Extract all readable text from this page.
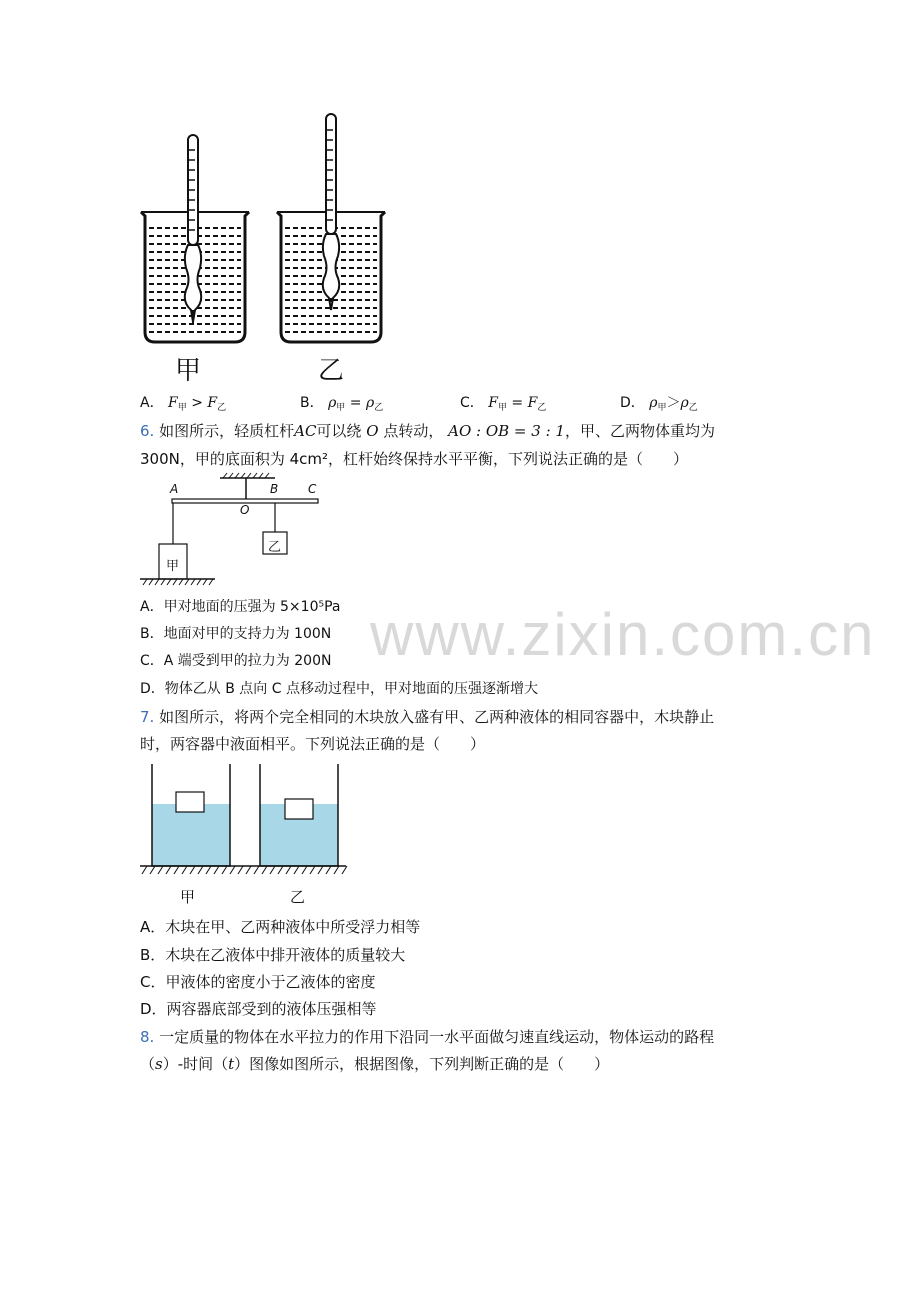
甲	乙
A． $F_甲 > F_乙$	B． $\rho_甲 = \rho_乙$	C． $F_甲 = F_乙$	D． $\rho_甲>\rho_乙$
6. 如图所示，轻质杠杆AC可以绕 O 点转动， AO : OB = 3 : 1，甲、乙两物体重均为
300N，甲的底面积为 4cm²，杠杆始终保持水平平衡，下列说法正确的是（　　）
A	B C
O
甲
乙
A．甲对地面的压强为 5×10⁵Pa
B．地面对甲的支持力为 100N
C．A 端受到甲的拉力为 200N
D．物体乙从 B 点向 C 点移动过程中，甲对地面的压强逐渐增大
7. 如图所示，将两个完全相同的木块放入盛有甲、乙两种液体的相同容器中，木块静止
时，两容器中液面相平。下列说法正确的是（　　）
甲	乙
A．木块在甲、乙两种液体中所受浮力相等
B．木块在乙液体中排开液体的质量较大
C．甲液体的密度小于乙液体的密度
D．两容器底部受到的液体压强相等
8. 一定质量的物体在水平拉力的作用下沿同一水平面做匀速直线运动，物体运动的路程
（s）-时间（t）图像如图所示，根据图像，下列判断正确的是（　　）
www.zixin.com.cn
